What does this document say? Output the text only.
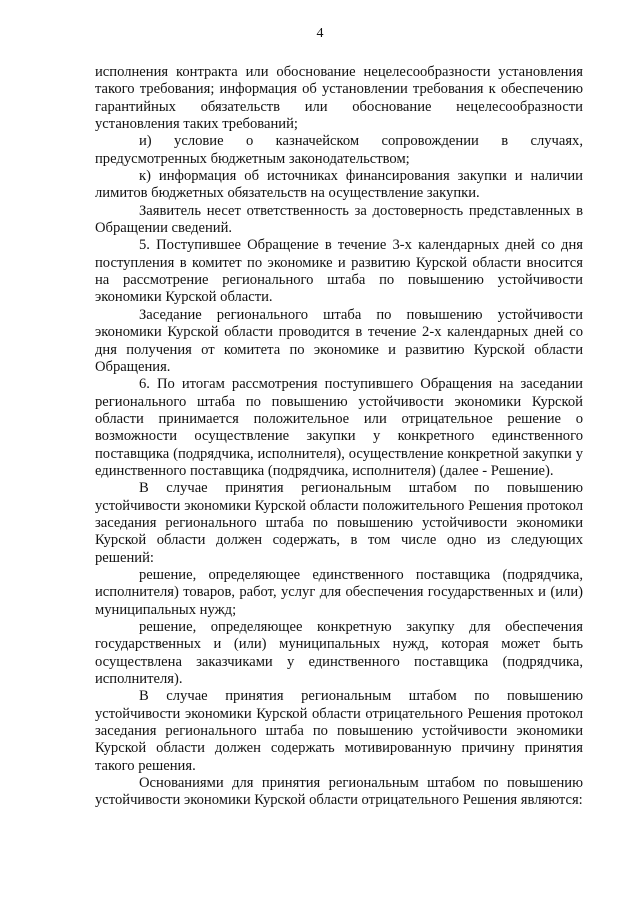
4

исполнения контракта или обоснование нецелесообразности установления такого требования; информация об установлении требования к обеспечению гарантийных обязательств или обоснование нецелесообразности установления таких требований;

и) условие о казначейском сопровождении в случаях, предусмотренных бюджетным законодательством;

к) информация об источниках финансирования закупки и наличии лимитов бюджетных обязательств на осуществление закупки.

Заявитель несет ответственность за достоверность представленных в Обращении сведений.

5. Поступившее Обращение в течение 3-х календарных дней со дня поступления в комитет по экономике и развитию Курской области вносится на рассмотрение регионального штаба по повышению устойчивости экономики Курской области.

Заседание регионального штаба по повышению устойчивости экономики Курской области проводится в течение 2-х календарных дней со дня получения от комитета по экономике и развитию Курской области Обращения.

6. По итогам рассмотрения поступившего Обращения на заседании регионального штаба по повышению устойчивости экономики Курской области принимается положительное или отрицательное решение о возможности осуществление закупки у конкретного единственного поставщика (подрядчика, исполнителя), осуществление конкретной закупки у единственного поставщика (подрядчика, исполнителя) (далее - Решение).

В случае принятия региональным штабом по повышению устойчивости экономики Курской области положительного Решения протокол заседания регионального штаба по повышению устойчивости экономики Курской области должен содержать, в том числе одно из следующих решений:

решение, определяющее единственного поставщика (подрядчика, исполнителя) товаров, работ, услуг для обеспечения государственных и (или) муниципальных нужд;

решение, определяющее конкретную закупку для обеспечения государственных и (или) муниципальных нужд, которая может быть осуществлена заказчиками у единственного поставщика (подрядчика, исполнителя).

В случае принятия региональным штабом по повышению устойчивости экономики Курской области отрицательного Решения протокол заседания регионального штаба по повышению устойчивости экономики Курской области должен содержать мотивированную причину принятия такого решения.

Основаниями для принятия региональным штабом по повышению устойчивости экономики Курской области отрицательного Решения являются:
